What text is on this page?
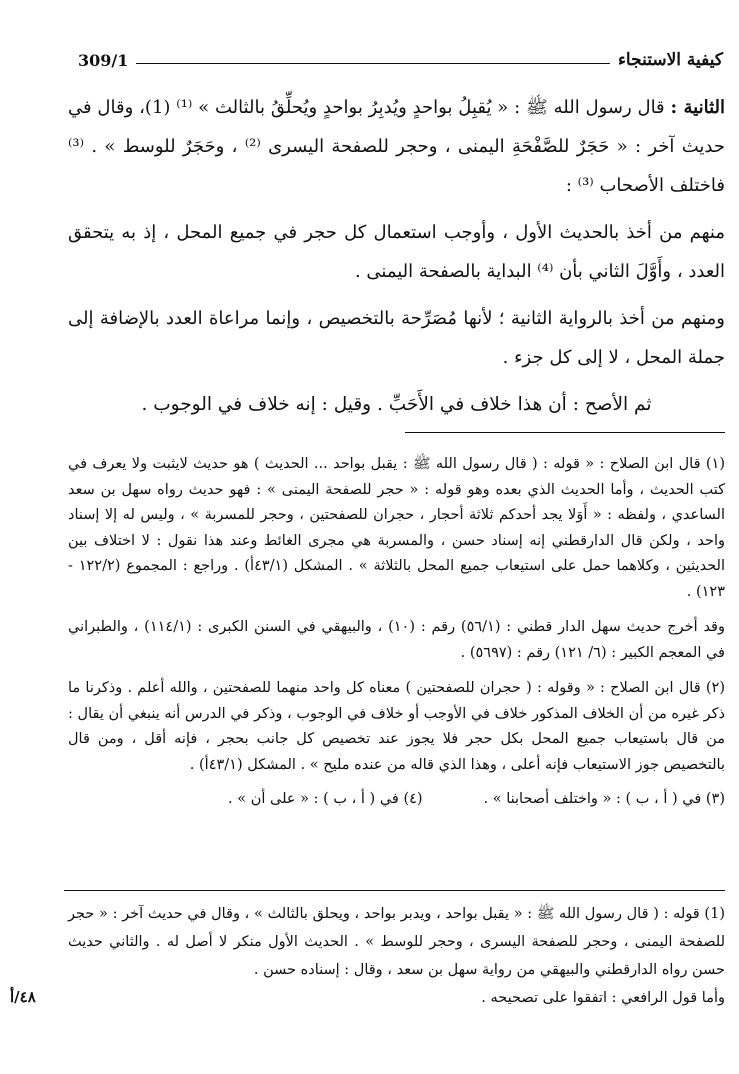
كيفية الاستنجاء
309/1

الثانية : قال رسول الله ﷺ : « يُقبِلُ بواحدٍ ويُدبِرُ بواحدٍ ويُحلِّقُ بالثالث » ⁽¹⁾ (1)، وقال في حديث آخر : « حَجَرٌ للصَّفْحَةِ اليمنى ، وحجر للصفحة اليسرى ⁽²⁾ ، وحَجَرٌ للوسط » . ⁽³⁾ فاختلف الأصحاب ⁽³⁾ :

منهم من أخذ بالحديث الأول ، وأوجب استعمال كل حجر في جميع المحل ، إذ به يتحقق العدد ، وأَوَّلَ الثاني بأن ⁽⁴⁾ البداية بالصفحة اليمنى .

ومنهم من أخذ بالرواية الثانية ؛ لأنها مُصَرِّحة بالتخصيص ، وإنما مراعاة العدد بالإضافة إلى جملة المحل ، لا إلى كل جزء .

ثم الأصح : أن هذا خلاف في الأَحَبِّ . وقيل : إنه خلاف في الوجوب .

(١) قال ابن الصلاح : « قوله : ( قال رسول الله ﷺ : يقبل بواحد ... الحديث ) هو حديث لايثبت ولا يعرف في كتب الحديث ، وأما الحديث الذي بعده وهو قوله : « حجر للصفحة اليمنى » : فهو حديث رواه سهل بن سعد الساعدي ، ولفظه : « أَوَلا يجد أحدكم ثلاثة أحجار ، حجران للصفحتين ، وحجر للمسربة » ، وليس له إلا إسناد واحد ، ولكن قال الدارقطني إنه إسناد حسن ، والمسربة هي مجرى الغائط وعند هذا نقول : لا اختلاف بين الحديثين ، وكلاهما حمل على استيعاب جميع المحل بالثلاثة » . المشكل (٤٣/١أ) . وراجع : المجموع (١٢٢/٢ - ١٢٣) .

وقد أخرج حديث سهل الدار قطني : (٥٦/١) رقم : (١٠) ، والبيهقي في السنن الكبرى : (١١٤/١) ، والطبراني في المعجم الكبير : (٦/ ١٢١) رقم : (٥٦٩٧) .

(٢) قال ابن الصلاح : « وقوله : ( حجران للصفحتين ) معناه كل واحد منهما للصفحتين ، والله أعلم . وذكرنا ما ذكر غيره من أن الخلاف المذكور خلاف في الأوجب أو خلاف في الوجوب ، وذكر في الدرس أنه ينبغي أن يقال : من قال باستيعاب جميع المحل بكل حجر فلا يجوز عند تخصيص كل جانب بحجر ، فإنه أقل ، ومن قال بالتخصيص جوز الاستيعاب فإنه أعلى ، وهذا الذي قاله من عنده مليح » . المشكل (٤٣/١أ) .

(٣) في ( أ ، ب ) : « واختلف أصحابنا » .
(٤) في ( أ ، ب ) : « على أن » .

(1) قوله : ( قال رسول الله ﷺ : « يقبل بواحد ، ويدبر بواحد ، ويحلق بالثالث » ، وقال في حديث آخر : « حجر للصفحة اليمنى ، وحجر للصفحة اليسرى ، وحجر للوسط » . الحديث الأول منكر لا أصل له . والثاني حديث حسن رواه الدارقطني والبيهقي من رواية سهل بن سعد ، وقال : إسناده حسن .

وأما قول الرافعي : اتفقوا على تصحيحه .

٤٨/أ
